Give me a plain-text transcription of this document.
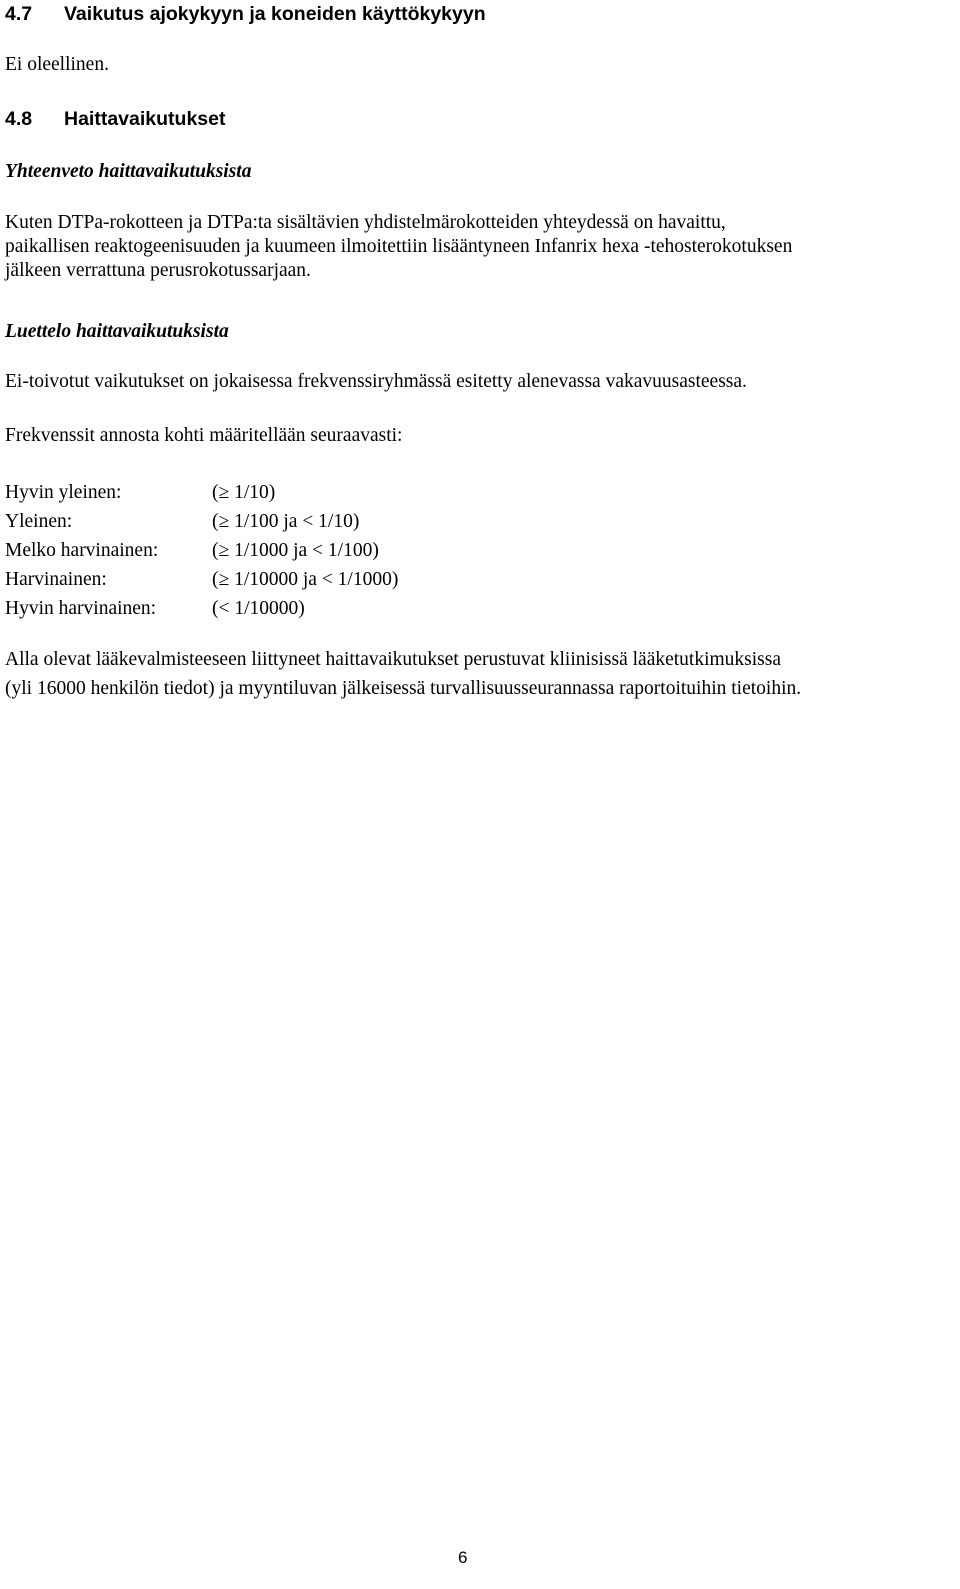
4.7 Vaikutus ajokykyyn ja koneiden käyttökykyyn
Ei oleellinen.
4.8 Haittavaikutukset
Yhteenveto haittavaikutuksista
Kuten DTPa-rokotteen ja DTPa:ta sisältävien yhdistelmärokotteiden yhteydessä on havaittu,
paikallisen reaktogeenisuuden ja kuumeen ilmoitettiin lisääntyneen Infanrix hexa -tehosterokotuksen
jälkeen verrattuna perusrokotussarjaan.
Luettelo haittavaikutuksista
Ei-toivotut vaikutukset on jokaisessa frekvenssiryhmässä esitetty alenevassa vakavuusasteessa.
Frekvenssit annosta kohti määritellään seuraavasti:
Hyvin yleinen:	(≥ 1/10)
Yleinen:	(≥ 1/100 ja < 1/10)
Melko harvinainen:	(≥ 1/1000 ja < 1/100)
Harvinainen:	(≥ 1/10000 ja < 1/1000)
Hyvin harvinainen:	(< 1/10000)
Alla olevat lääkevalmisteeseen liittyneet haittavaikutukset perustuvat kliinisissä lääketutkimuksissa
(yli 16000 henkilön tiedot) ja myyntiluvan jälkeisessä turvallisuusseurannassa raportoituihin tietoihin.
6
